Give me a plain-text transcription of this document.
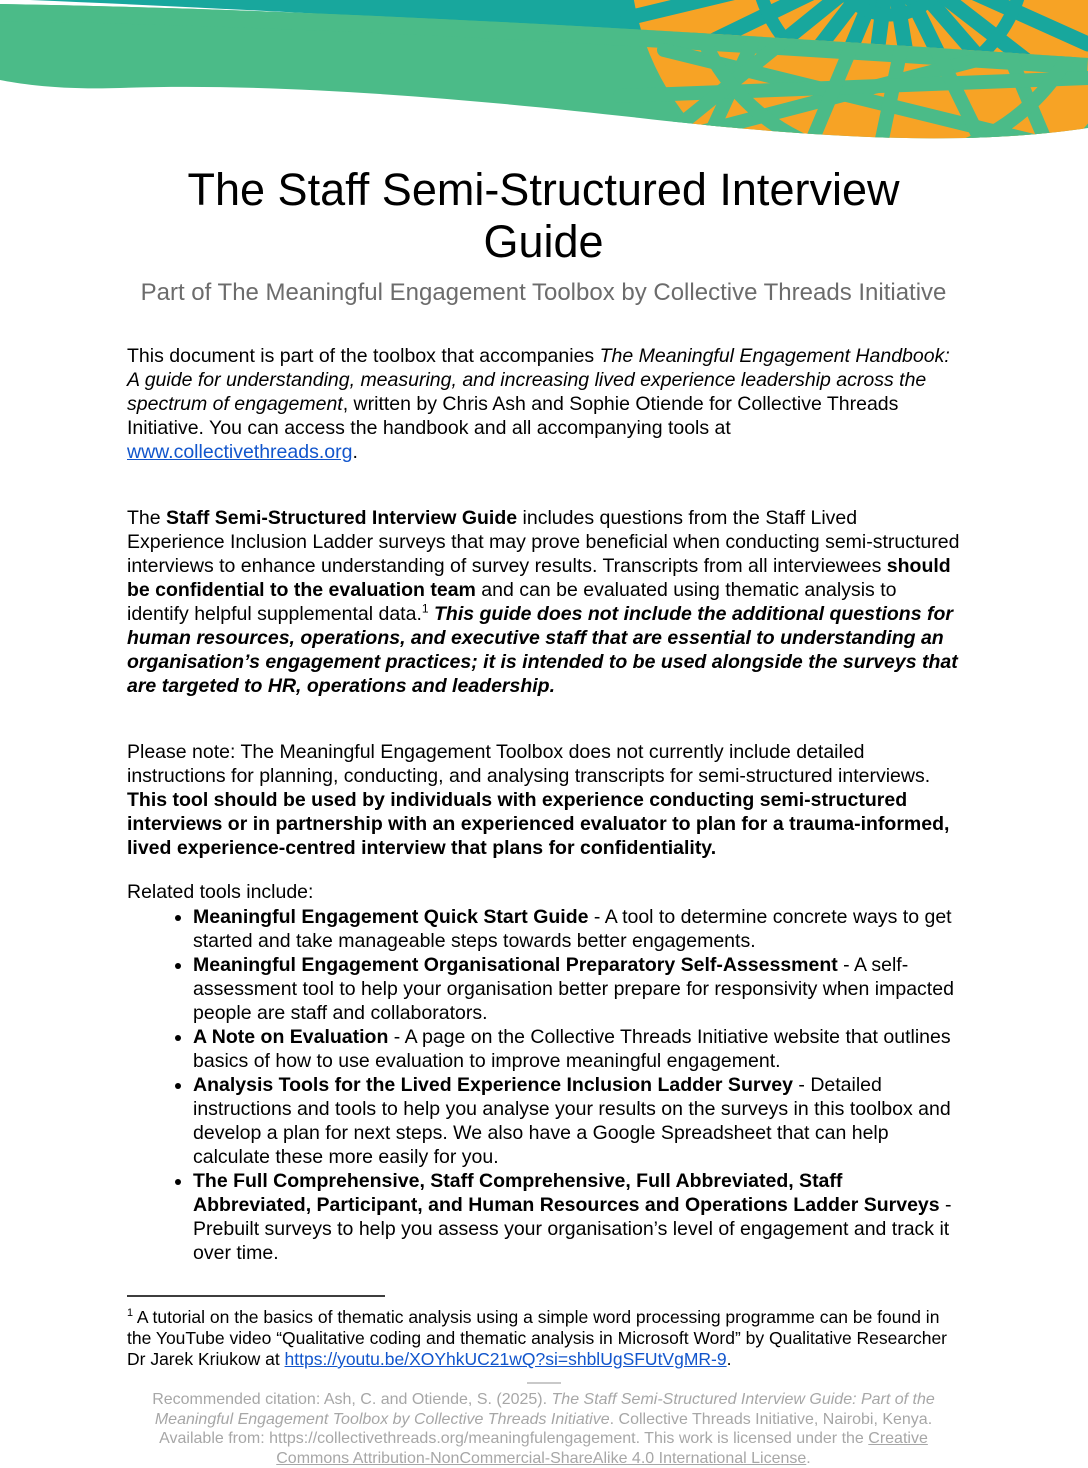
The Staff Semi-Structured Interview Guide
Part of The Meaningful Engagement Toolbox by Collective Threads Initiative

This document is part of the toolbox that accompanies The Meaningful Engagement Handbook: A guide for understanding, measuring, and increasing lived experience leadership across the spectrum of engagement, written by Chris Ash and Sophie Otiende for Collective Threads Initiative. You can access the handbook and all accompanying tools at www.collectivethreads.org.

The Staff Semi-Structured Interview Guide includes questions from the Staff Lived Experience Inclusion Ladder surveys that may prove beneficial when conducting semi-structured interviews to enhance understanding of survey results. Transcripts from all interviewees should be confidential to the evaluation team and can be evaluated using thematic analysis to identify helpful supplemental data.$^1$ This guide does not include the additional questions for human resources, operations, and executive staff that are essential to understanding an organisation’s engagement practices; it is intended to be used alongside the surveys that are targeted to HR, operations and leadership.

Please note: The Meaningful Engagement Toolbox does not currently include detailed instructions for planning, conducting, and analysing transcripts for semi-structured interviews. This tool should be used by individuals with experience conducting semi-structured interviews or in partnership with an experienced evaluator to plan for a trauma-informed, lived experience-centred interview that plans for confidentiality.

Related tools include:

• Meaningful Engagement Quick Start Guide - A tool to determine concrete ways to get started and take manageable steps towards better engagements.
• Meaningful Engagement Organisational Preparatory Self-Assessment - A self-assessment tool to help your organisation better prepare for responsivity when impacted people are staff and collaborators.
• A Note on Evaluation - A page on the Collective Threads Initiative website that outlines basics of how to use evaluation to improve meaningful engagement.
• Analysis Tools for the Lived Experience Inclusion Ladder Survey - Detailed instructions and tools to help you analyse your results on the surveys in this toolbox and develop a plan for next steps. We also have a Google Spreadsheet that can help calculate these more easily for you.
• The Full Comprehensive, Staff Comprehensive, Full Abbreviated, Staff Abbreviated, Participant, and Human Resources and Operations Ladder Surveys - Prebuilt surveys to help you assess your organisation’s level of engagement and track it over time.

$^1$ A tutorial on the basics of thematic analysis using a simple word processing programme can be found in the YouTube video “Qualitative coding and thematic analysis in Microsoft Word” by Qualitative Researcher Dr Jarek Kriukow at https://youtu.be/XOYhkUC21wQ?si=shblUgSFUtVgMR-9.

Recommended citation: Ash, C. and Otiende, S. (2025). The Staff Semi-Structured Interview Guide: Part of the Meaningful Engagement Toolbox by Collective Threads Initiative. Collective Threads Initiative, Nairobi, Kenya. Available from: https://collectivethreads.org/meaningfulengagement. This work is licensed under the Creative Commons Attribution-NonCommercial-ShareAlike 4.0 International License.
